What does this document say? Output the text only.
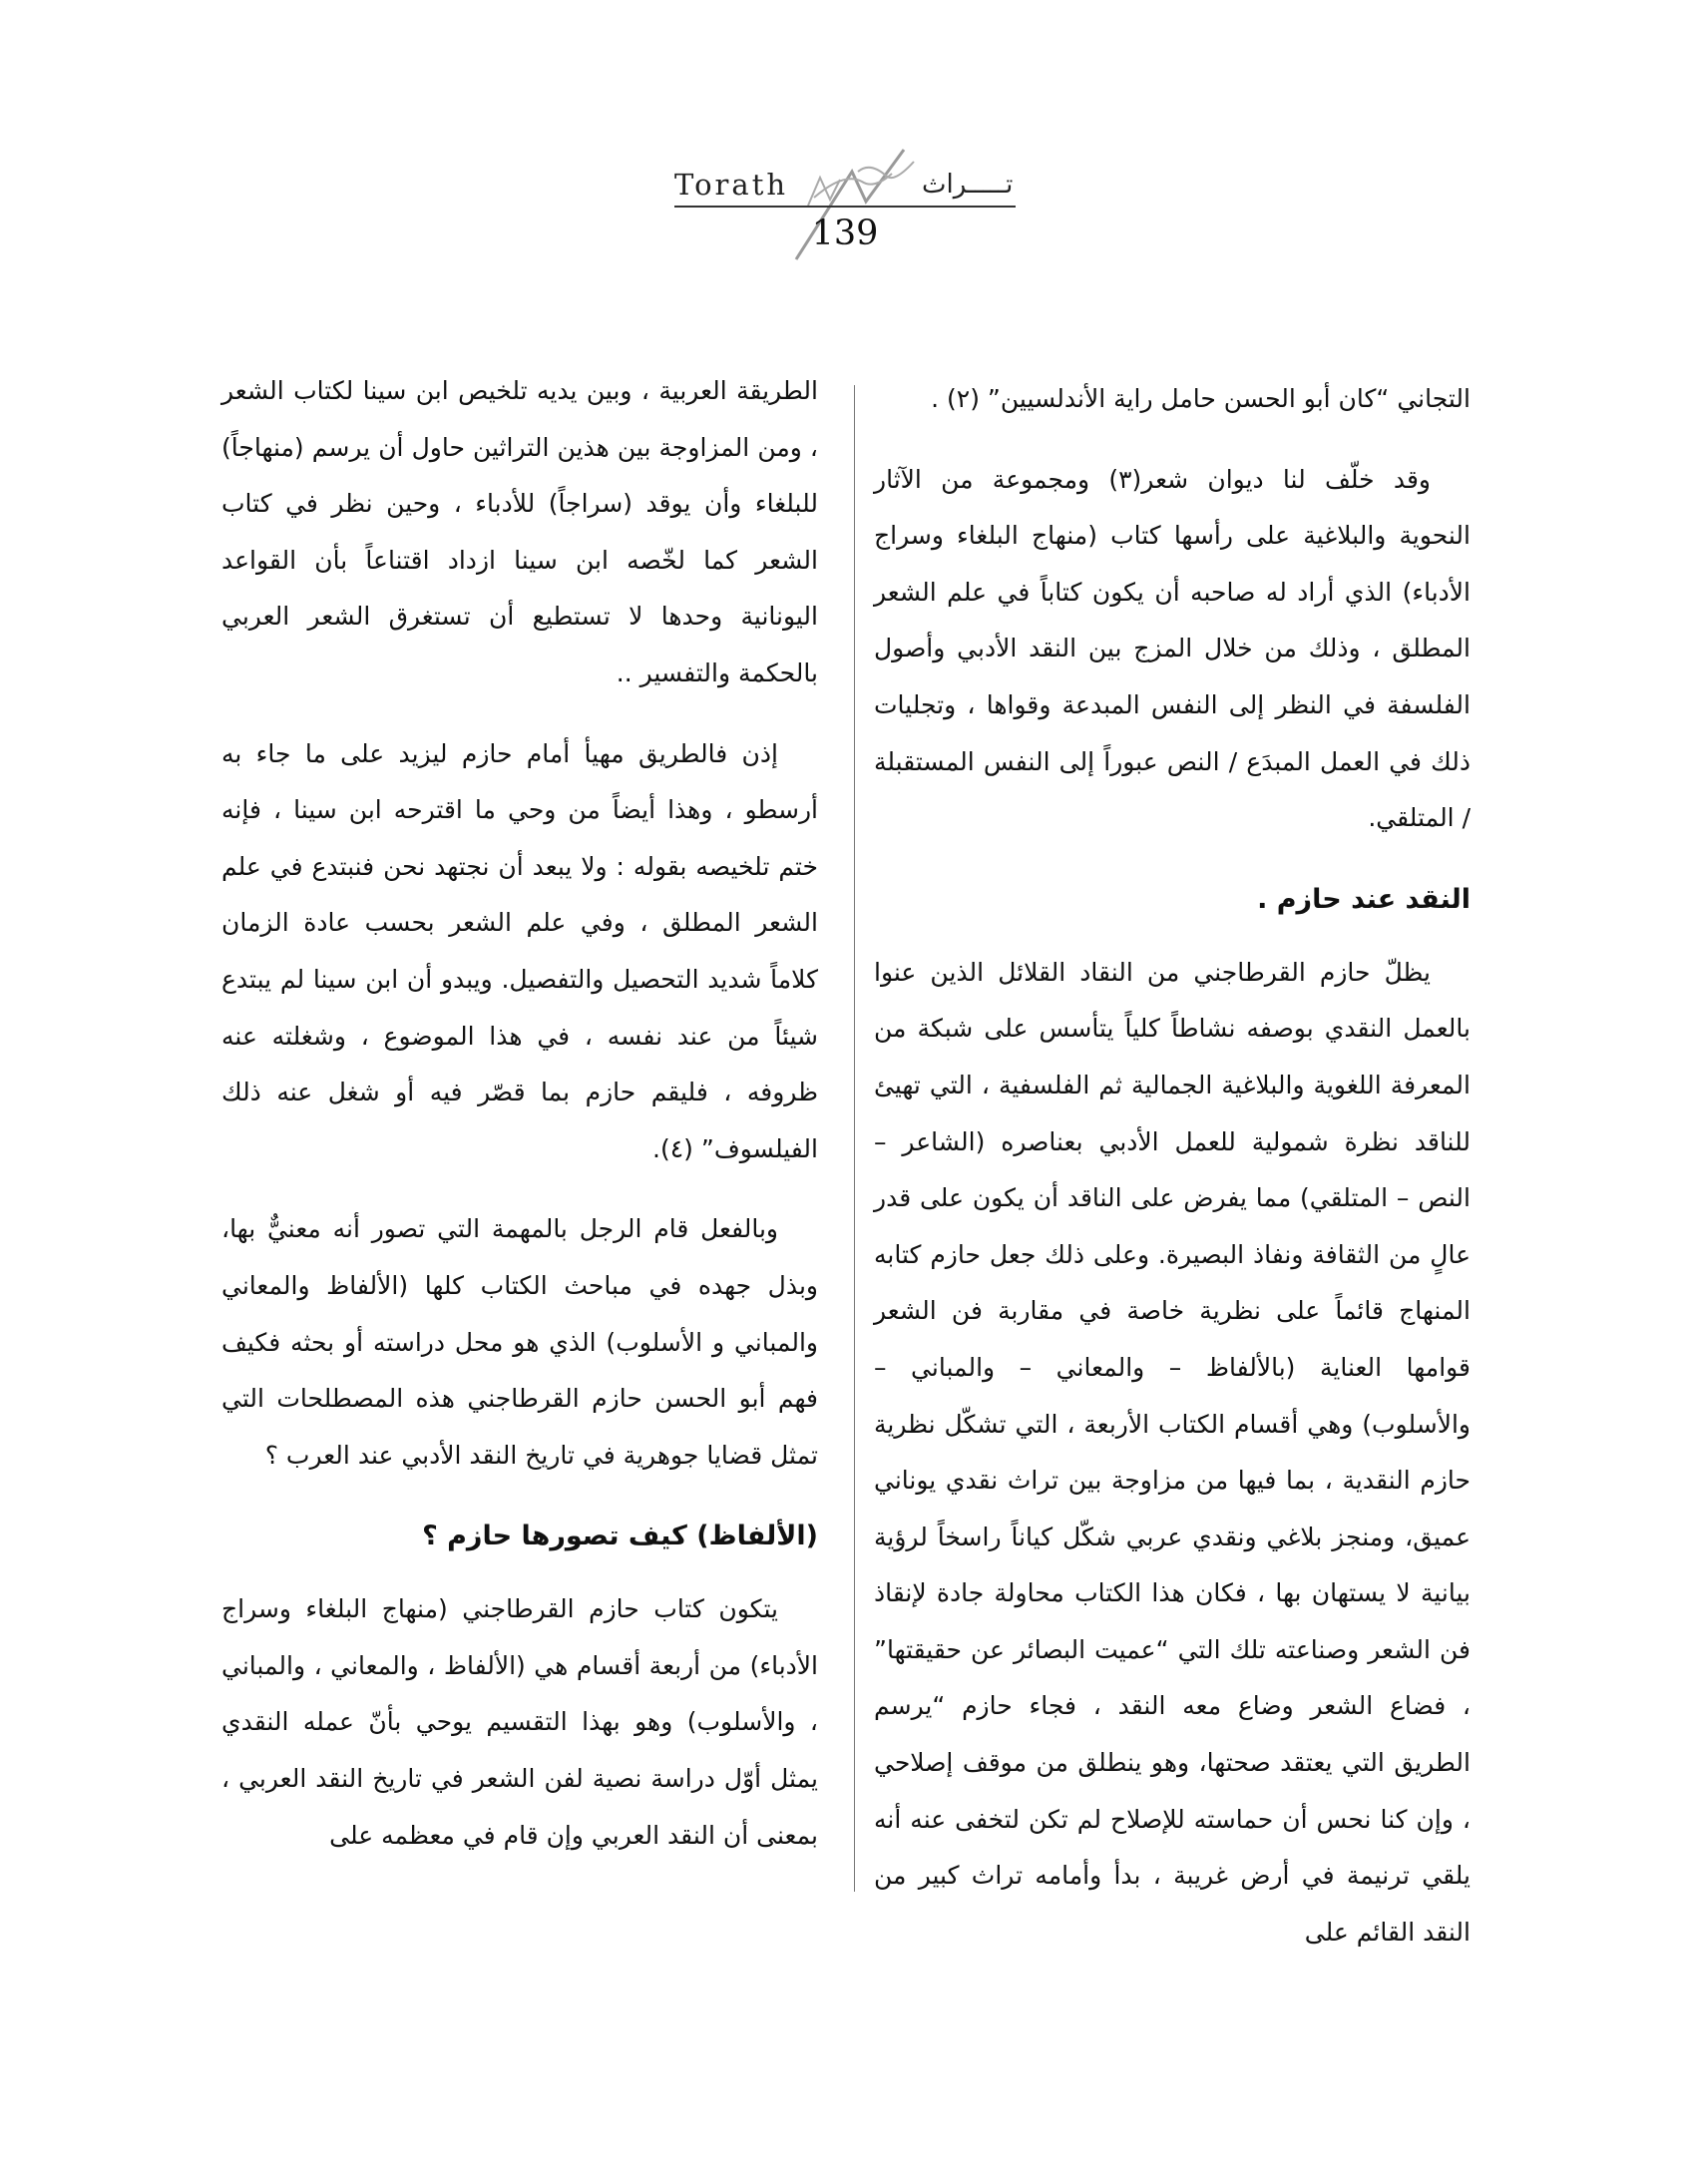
Torath	تـــــراث
139

التجاني “كان أبو الحسن حامل راية الأندلسيين” (٢) .

وقد خلّف لنا ديوان شعر(٣) ومجموعة من الآثار النحوية والبلاغية على رأسها كتاب (منهاج البلغاء وسراج الأدباء) الذي أراد له صاحبه أن يكون كتاباً في علم الشعر المطلق ، وذلك من خلال المزج بين النقد الأدبي وأصول الفلسفة في النظر إلى النفس المبدعة وقواها ، وتجليات ذلك في العمل المبدَع / النص عبوراً إلى النفس المستقبلة / المتلقي.

النقد عند حازم .

يظلّ حازم القرطاجني من النقاد القلائل الذين عنوا بالعمل النقدي بوصفه نشاطاً كلياً يتأسس على شبكة من المعرفة اللغوية والبلاغية الجمالية ثم الفلسفية ، التي تهيئ للناقد نظرة شمولية للعمل الأدبي بعناصره (الشاعر – النص – المتلقي) مما يفرض على الناقد أن يكون على قدر عالٍ من الثقافة ونفاذ البصيرة. وعلى ذلك جعل حازم كتابه المنهاج قائماً على نظرية خاصة في مقاربة فن الشعر قوامها العناية (بالألفاظ – والمعاني – والمباني – والأسلوب) وهي أقسام الكتاب الأربعة ، التي تشكّل نظرية حازم النقدية ، بما فيها من مزاوجة بين تراث نقدي يوناني عميق، ومنجز بلاغي ونقدي عربي شكّل كياناً راسخاً لرؤية بيانية لا يستهان بها ، فكان هذا الكتاب محاولة جادة لإنقاذ فن الشعر وصناعته تلك التي “عميت البصائر عن حقيقتها” ، فضاع الشعر وضاع معه النقد ، فجاء حازم “يرسم الطريق التي يعتقد صحتها، وهو ينطلق من موقف إصلاحي ، وإن كنا نحس أن حماسته للإصلاح لم تكن لتخفى عنه أنه يلقي ترنيمة في أرض غريبة ، بدأ وأمامه تراث كبير من النقد القائم على

الطريقة العربية ، وبين يديه تلخيص ابن سينا لكتاب الشعر ، ومن المزاوجة بين هذين التراثين حاول أن يرسم (منهاجاً) للبلغاء وأن يوقد (سراجاً) للأدباء ، وحين نظر في كتاب الشعر كما لخّصه ابن سينا ازداد اقتناعاً بأن القواعد اليونانية وحدها لا تستطيع أن تستغرق الشعر العربي بالحكمة والتفسير ..

إذن فالطريق مهيأ أمام حازم ليزيد على ما جاء به أرسطو ، وهذا أيضاً من وحي ما اقترحه ابن سينا ، فإنه ختم تلخيصه بقوله : ولا يبعد أن نجتهد نحن فنبتدع في علم الشعر المطلق ، وفي علم الشعر بحسب عادة الزمان كلاماً شديد التحصيل والتفصيل. ويبدو أن ابن سينا لم يبتدع شيئاً من عند نفسه ، في هذا الموضوع ، وشغلته عنه ظروفه ، فليقم حازم بما قصّر فيه أو شغل عنه ذلك الفيلسوف” (٤).

وبالفعل قام الرجل بالمهمة التي تصور أنه معنيٌّ بها، وبذل جهده في مباحث الكتاب كلها (الألفاظ والمعاني والمباني و الأسلوب) الذي هو محل دراسته أو بحثه فكيف فهم أبو الحسن حازم القرطاجني هذه المصطلحات التي تمثل قضايا جوهرية في تاريخ النقد الأدبي عند العرب ؟

(الألفاظ) كيف تصورها حازم ؟

يتكون كتاب حازم القرطاجني (منهاج البلغاء وسراج الأدباء) من أربعة أقسام هي (الألفاظ ، والمعاني ، والمباني ، والأسلوب) وهو بهذا التقسيم يوحي بأنّ عمله النقدي يمثل أوّل دراسة نصية لفن الشعر في تاريخ النقد العربي ، بمعنى أن النقد العربي وإن قام في معظمه على
